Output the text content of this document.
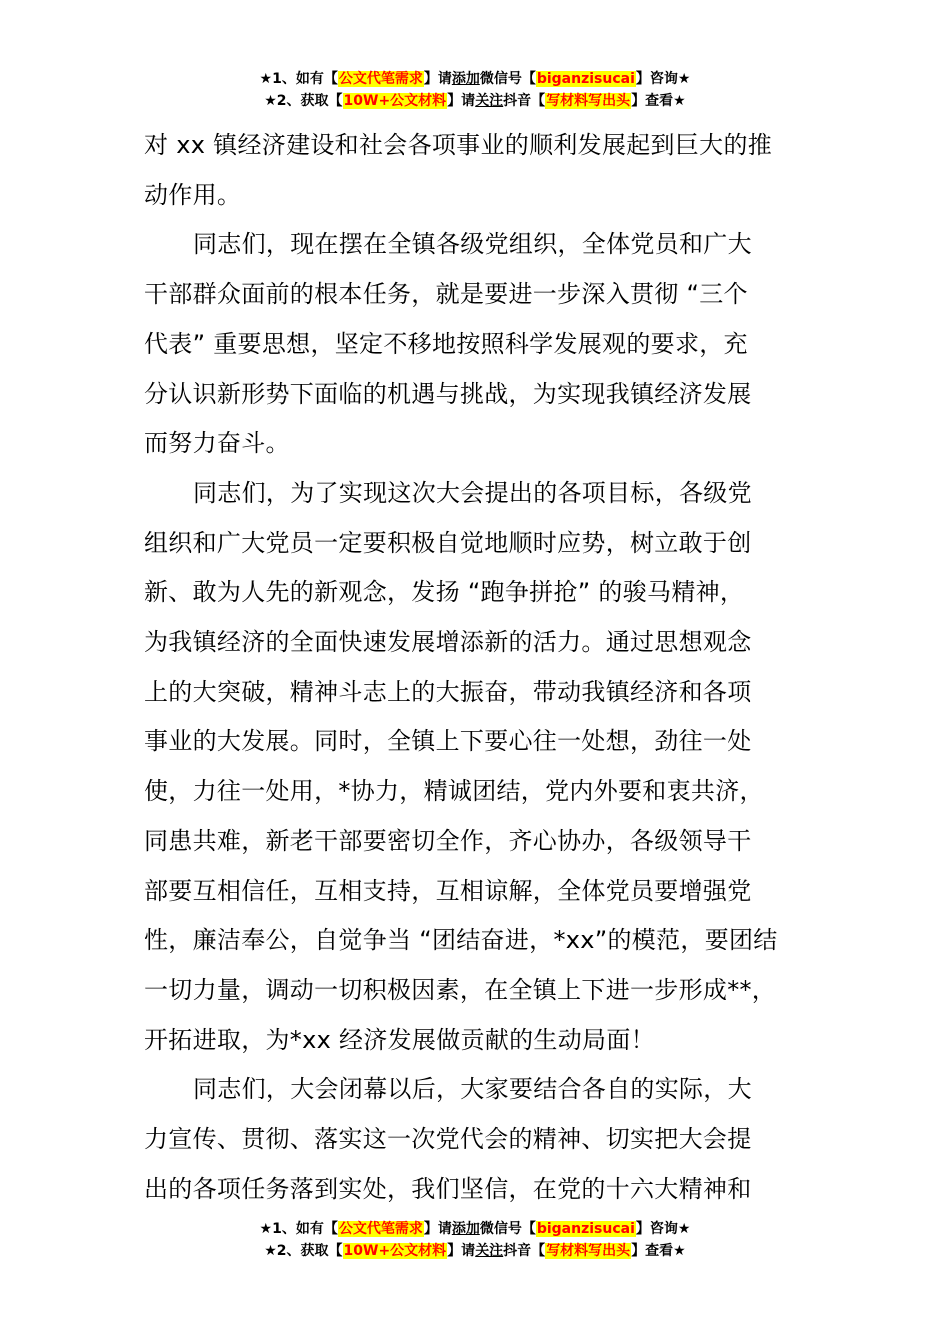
★1、如有【公文代笔需求】请添加微信号【biganzisucai】咨询★
★2、获取【10W+公文材料】请关注抖音【写材料写出头】查看★

对 xx 镇经济建设和社会各项事业的顺利发展起到巨大的推

动作用。

同志们，现在摆在全镇各级党组织，全体党员和广大

干部群众面前的根本任务，就是要进一步深入贯彻 “三个

代表” 重要思想，坚定不移地按照科学发展观的要求，充

分认识新形势下面临的机遇与挑战，为实现我镇经济发展

而努力奋斗。

同志们，为了实现这次大会提出的各项目标，各级党

组织和广大党员一定要积极自觉地顺时应势，树立敢于创

新、敢为人先的新观念，发扬 “跑争拼抢” 的骏马精神，

为我镇经济的全面快速发展增添新的活力。通过思想观念

上的大突破，精神斗志上的大振奋，带动我镇经济和各项

事业的大发展。同时，全镇上下要心往一处想，劲往一处

使，力往一处用，*协力，精诚团结，党内外要和衷共济，

同患共难，新老干部要密切全作，齐心协办，各级领导干

部要互相信任，互相支持，互相谅解，全体党员要增强党

性，廉洁奉公，自觉争当 “团结奋进，*xx”的模范，要团结

一切力量，调动一切积极因素，在全镇上下进一步形成**，

开拓进取，为*xx 经济发展做贡献的生动局面！

同志们，大会闭幕以后，大家要结合各自的实际，大

力宣传、贯彻、落实这一次党代会的精神、切实把大会提

出的各项任务落到实处，我们坚信，在党的十六大精神和

★1、如有【公文代笔需求】请添加微信号【biganzisucai】咨询★
★2、获取【10W+公文材料】请关注抖音【写材料写出头】查看★
